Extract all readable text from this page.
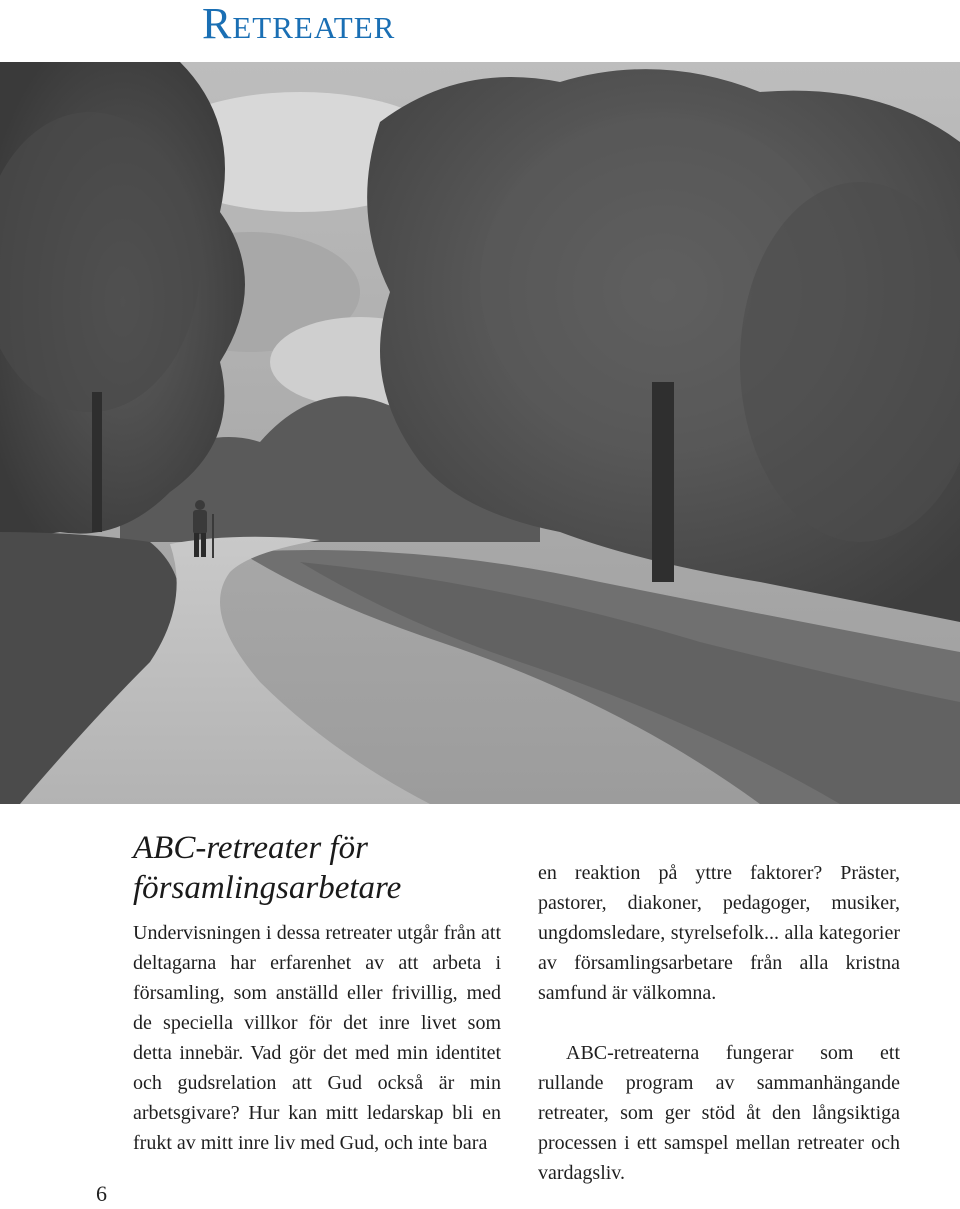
Retreater
ABC-retreater för
församlingsarbetare

Undervisningen i dessa retreater utgår från att deltagarna har erfarenhet av att arbeta i församling, som anställd eller frivillig, med de speciella villkor för det inre livet som detta innebär. Vad gör det med min identitet och gudsrelation att Gud också är min arbetsgivare? Hur kan mitt ledarskap bli en frukt av mitt inre liv med Gud, och inte bara

en reaktion på yttre faktorer? Präster, pastorer, diakoner, pedagoger, musiker, ungdomsledare, styrelsefolk... alla kategorier av församlingsarbetare från alla kristna samfund är välkomna.

ABC-retreaterna fungerar som ett rullande program av sammanhängande retreater, som ger stöd åt den långsiktiga processen i ett samspel mellan retreater och vardagsliv.

6
